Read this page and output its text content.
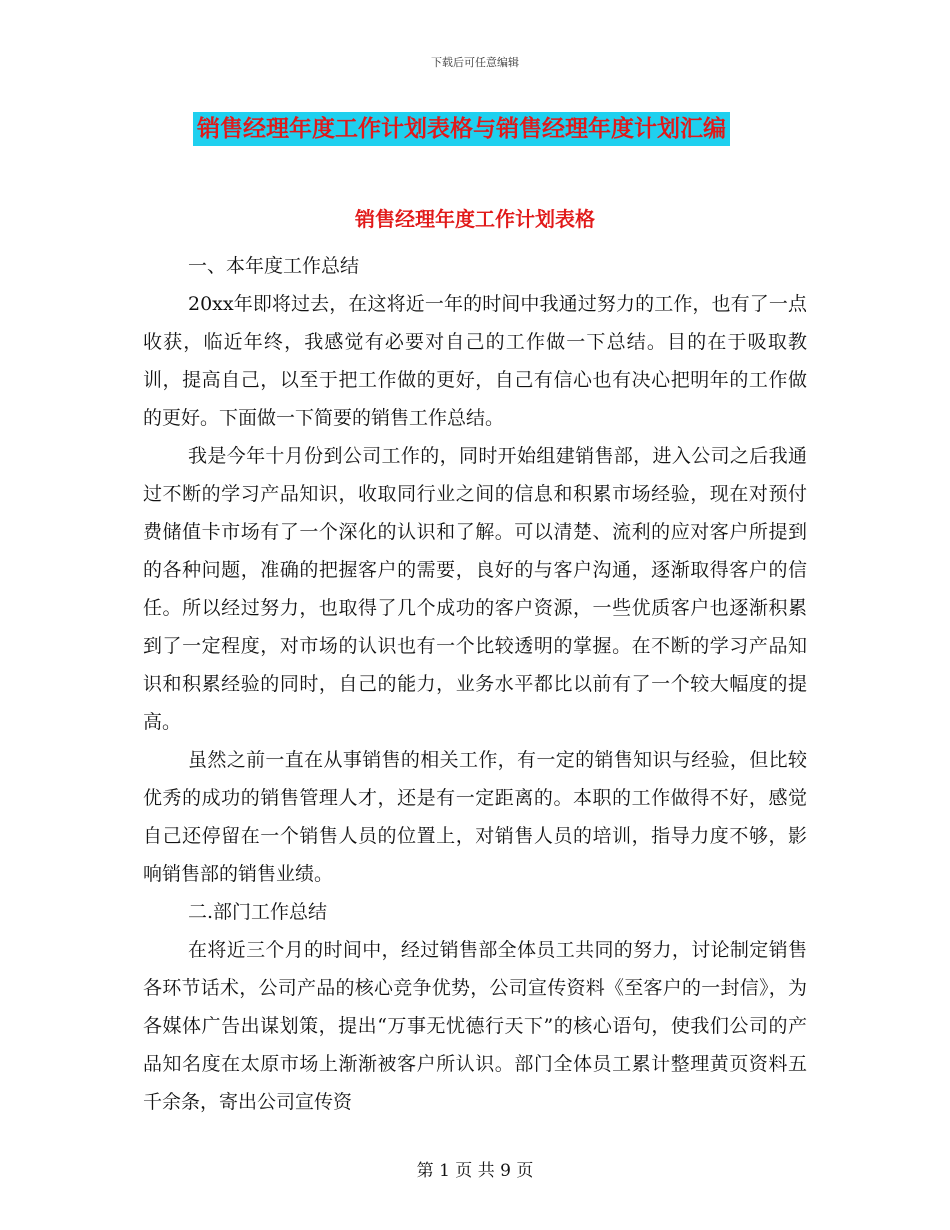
下载后可任意编辑
销售经理年度工作计划表格与销售经理年度计划汇编
销售经理年度工作计划表格

一、本年度工作总结

20xx年即将过去，在这将近一年的时间中我通过努力的工作，也有了一点收获，临近年终，我感觉有必要对自己的工作做一下总结。目的在于吸取教训，提高自己，以至于把工作做的更好，自己有信心也有决心把明年的工作做的更好。下面做一下简要的销售工作总结。

我是今年十月份到公司工作的，同时开始组建销售部，进入公司之后我通过不断的学习产品知识，收取同行业之间的信息和积累市场经验，现在对预付费储值卡市场有了一个深化的认识和了解。可以清楚、流利的应对客户所提到的各种问题，准确的把握客户的需要，良好的与客户沟通，逐渐取得客户的信任。所以经过努力，也取得了几个成功的客户资源，一些优质客户也逐渐积累到了一定程度，对市场的认识也有一个比较透明的掌握。在不断的学习产品知识和积累经验的同时，自己的能力，业务水平都比以前有了一个较大幅度的提高。

虽然之前一直在从事销售的相关工作，有一定的销售知识与经验，但比较优秀的成功的销售管理人才，还是有一定距离的。本职的工作做得不好，感觉自己还停留在一个销售人员的位置上，对销售人员的培训，指导力度不够，影响销售部的销售业绩。

二.部门工作总结

在将近三个月的时间中，经过销售部全体员工共同的努力，讨论制定销售各环节话术，公司产品的核心竞争优势，公司宣传资料《至客户的一封信》，为各媒体广告出谋划策，提出“万事无忧德行天下”的核心语句，使我们公司的产品知名度在太原市场上渐渐被客户所认识。部门全体员工累计整理黄页资料五千余条，寄出公司宣传资

第 1 页 共 9 页
